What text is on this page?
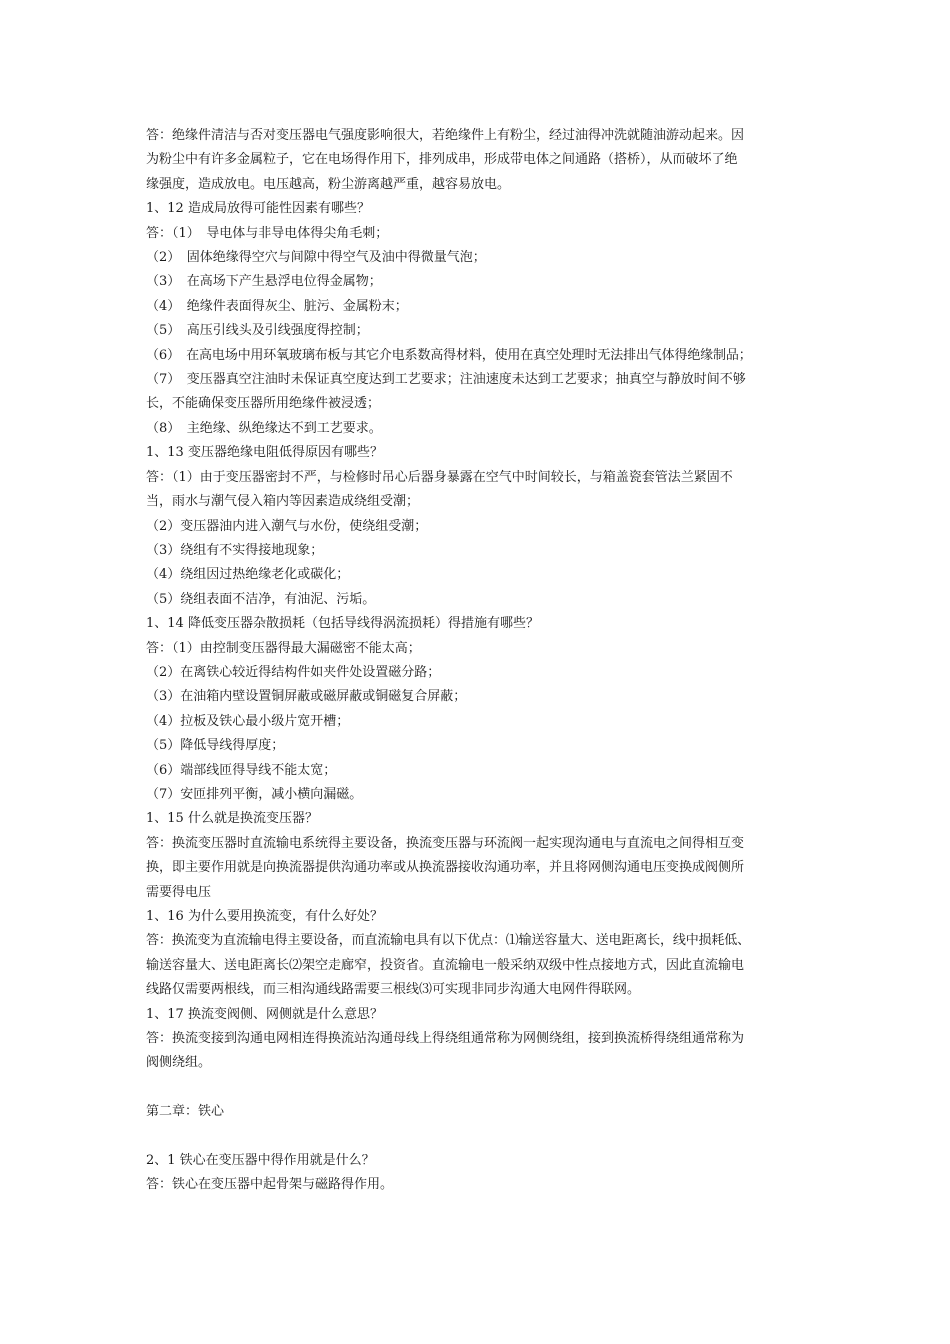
答：绝缘件清洁与否对变压器电气强度影响很大，若绝缘件上有粉尘，经过油得冲洗就随油游动起来。因

为粉尘中有许多金属粒子，它在电场得作用下，排列成串，形成带电体之间通路（搭桥），从而破坏了绝

缘强度，造成放电。电压越高，粉尘游离越严重，越容易放电。

1、12 造成局放得可能性因素有哪些？

答：（1）　导电体与非导电体得尖角毛刺；

（2）　固体绝缘得空穴与间隙中得空气及油中得微量气泡；

（3）　在高场下产生悬浮电位得金属物；

（4）　绝缘件表面得灰尘、脏污、金属粉末；

（5）　高压引线头及引线强度得控制；

（6）　在高电场中用环氧玻璃布板与其它介电系数高得材料，使用在真空处理时无法排出气体得绝缘制品；

（7）　变压器真空注油时未保证真空度达到工艺要求；注油速度未达到工艺要求；抽真空与静放时间不够

长，不能确保变压器所用绝缘件被浸透；

（8）　主绝缘、纵绝缘达不到工艺要求。

1、13 变压器绝缘电阻低得原因有哪些？

答：（1）由于变压器密封不严，与检修时吊心后器身暴露在空气中时间较长，与箱盖瓷套管法兰紧固不

当，雨水与潮气侵入箱内等因素造成绕组受潮；

（2）变压器油内进入潮气与水份，使绕组受潮；

（3）绕组有不实得接地现象；

（4）绕组因过热绝缘老化或碳化；

（5）绕组表面不洁净，有油泥、污垢。

1、14 降低变压器杂散损耗（包括导线得涡流损耗）得措施有哪些？

答：（1）由控制变压器得最大漏磁密不能太高；

（2）在离铁心较近得结构件如夹件处设置磁分路；

（3）在油箱内壁设置铜屏蔽或磁屏蔽或铜磁复合屏蔽；

（4）拉板及铁心最小级片宽开槽；

（5）降低导线得厚度；

（6）端部线匝得导线不能太宽；

（7）安匝排列平衡，减小横向漏磁。

1、15 什么就是换流变压器？

答：换流变压器时直流输电系统得主要设备，换流变压器与环流阀一起实现沟通电与直流电之间得相互变

换，即主要作用就是向换流器提供沟通功率或从换流器接收沟通功率，并且将网侧沟通电压变换成阀侧所

需要得电压

1、16 为什么要用换流变，有什么好处？

答：换流变为直流输电得主要设备，而直流输电具有以下优点：⑴输送容量大、送电距离长，线中损耗低、

输送容量大、送电距离长⑵架空走廊窄，投资省。直流输电一般采纳双级中性点接地方式，因此直流输电

线路仅需要两根线，而三相沟通线路需要三根线⑶可实现非同步沟通大电网件得联网。

1、17 换流变阀侧、网侧就是什么意思？

答：换流变接到沟通电网相连得换流站沟通母线上得绕组通常称为网侧绕组，接到换流桥得绕组通常称为

阀侧绕组。

第二章：铁心

2、1 铁心在变压器中得作用就是什么？

答：铁心在变压器中起骨架与磁路得作用。
